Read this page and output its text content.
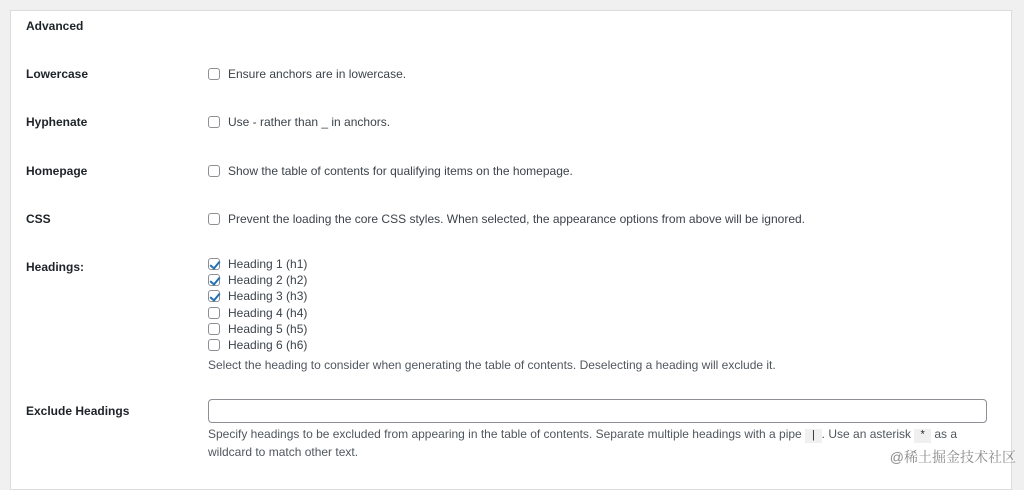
Advanced
Lowercase	Ensure anchors are in lowercase.
Hyphenate	Use - rather than _ in anchors.
Homepage	Show the table of contents for qualifying items on the homepage.
CSS	Prevent the loading the core CSS styles. When selected, the appearance options from above will be ignored.
Headings:	Heading 1 (h1)
Heading 2 (h2)
Heading 3 (h3)
Heading 4 (h4)
Heading 5 (h5)
Heading 6 (h6)
Select the heading to consider when generating the table of contents. Deselecting a heading will exclude it.
Exclude Headings
Specify headings to be excluded from appearing in the table of contents. Separate multiple headings with a pipe | . Use an asterisk * as a wildcard to match other text.	@稀土掘金技术社区
